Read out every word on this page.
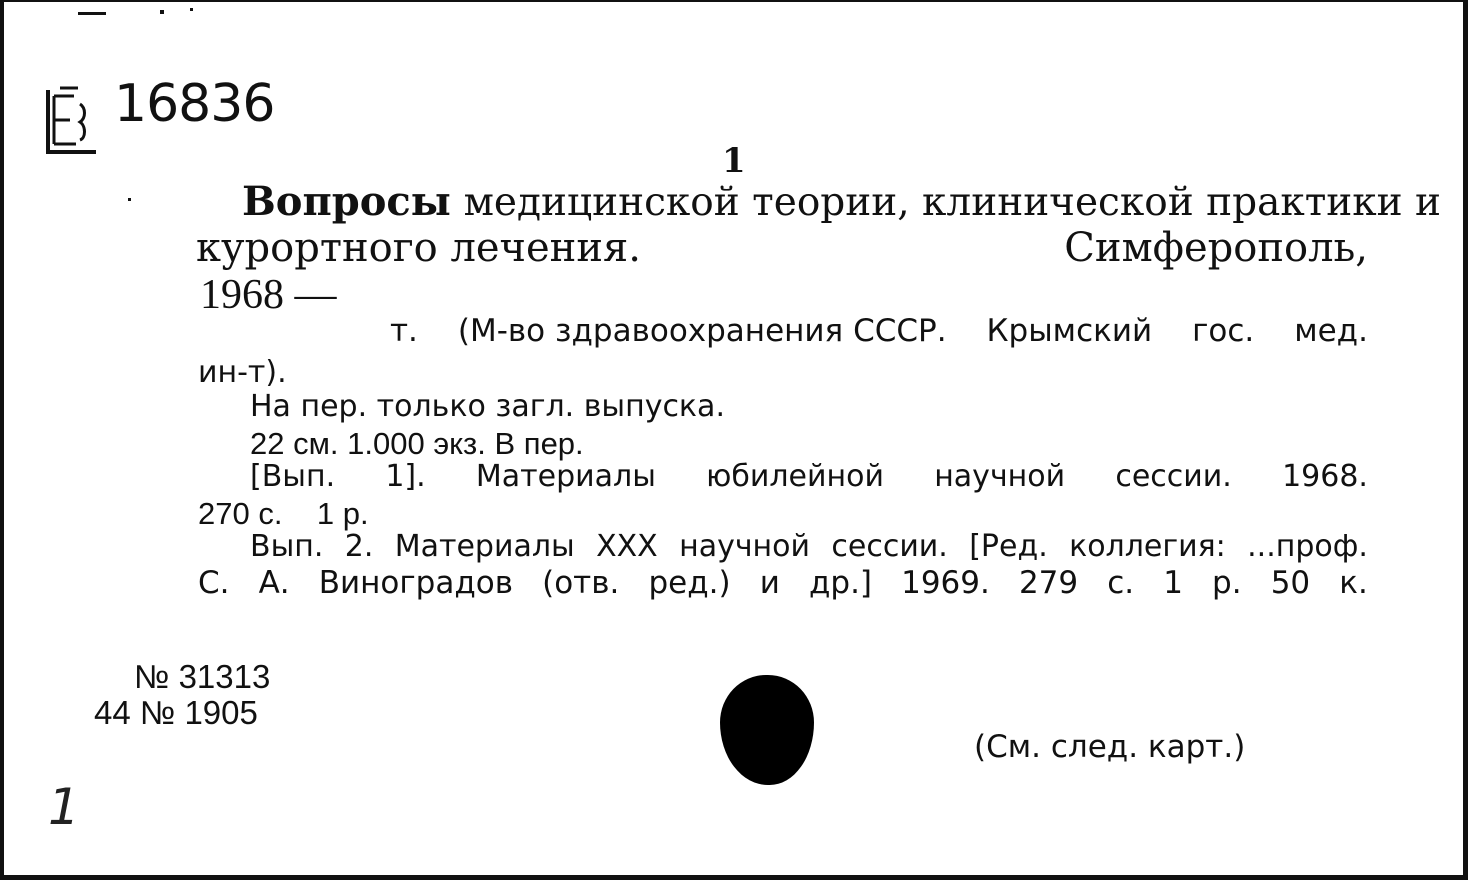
16836
1
Вопросы медицинской теории, клинической практики и
курортного лечения.	Симферополь,
1968 —
т. (М-во здравоохранения СССР. Крымский гос. мед.
ин-т).
На пер. только загл. выпуска.
22 см. 1.000 экз. В пер.
[Вып. 1]. Материалы юбилейной научной сессии. 1968.
270 с.    1 р.
Вып. 2. Материалы ХХХ научной сессии. [Ред. коллегия: ...проф.
С. А. Виноградов (отв. ред.) и др.] 1969. 279 с. 1 р. 50 к.
№ 31313
44 № 1905
(См. след. карт.)
1
